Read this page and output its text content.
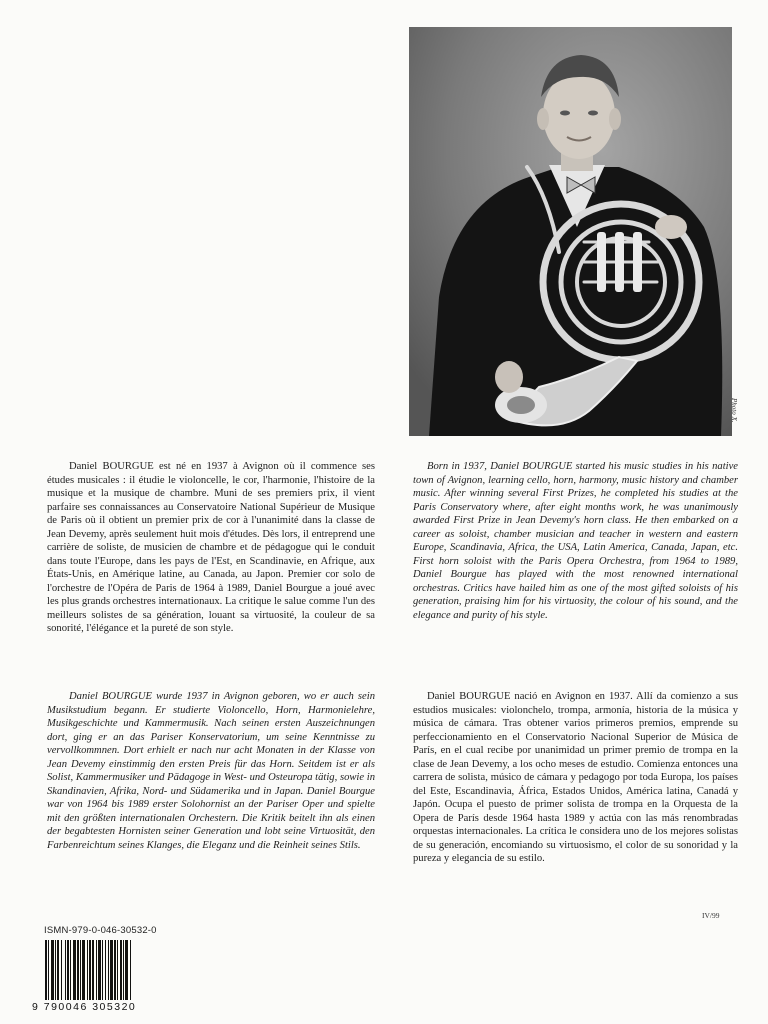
Photo X.

Daniel BOURGUE est né en 1937 à Avignon où il commence ses études musicales : il étudie le violoncelle, le cor, l'harmonie, l'histoire de la musique et la musique de chambre. Muni de ses premiers prix, il vient parfaire ses connaissances au Conservatoire National Supérieur de Musique de Paris où il obtient un premier prix de cor à l'unanimité dans la classe de Jean Devemy, après seulement huit mois d'études. Dès lors, il entreprend une carrière de soliste, de musicien de chambre et de pédagogue qui le conduit dans toute l'Europe, dans les pays de l'Est, en Scandinavie, en Afrique, aux États-Unis, en Amérique latine, au Canada, au Japon. Premier cor solo de l'orchestre de l'Opéra de Paris de 1964 à 1989, Daniel Bourgue a joué avec les plus grands orchestres internationaux. La critique le salue comme l'un des meilleurs solistes de sa génération, louant sa virtuosité, la couleur de sa sonorité, l'élégance et la pureté de son style.

Born in 1937, Daniel BOURGUE started his music studies in his native town of Avignon, learning cello, horn, harmony, music history and chamber music. After winning several First Prizes, he completed his studies at the Paris Conservatory where, after eight months work, he was unanimously awarded First Prize in Jean Devemy's horn class. He then embarked on a career as soloist, chamber musician and teacher in western and eastern Europe, Scandinavia, Africa, the USA, Latin America, Canada, Japan, etc. First horn soloist with the Paris Opera Orchestra, from 1964 to 1989, Daniel Bourgue has played with the most renowned international orchestras. Critics have hailed him as one of the most gifted soloists of his generation, praising him for his virtuosity, the colour of his sound, and the elegance and purity of his style.

Daniel BOURGUE wurde 1937 in Avignon geboren, wo er auch sein Musikstudium begann. Er studierte Violoncello, Horn, Harmonielehre, Musikgeschichte und Kammermusik. Nach seinen ersten Auszeichnungen dort, ging er an das Pariser Konservatorium, um seine Kenntnisse zu vervollkommnen. Dort erhielt er nach nur acht Monaten in der Klasse von Jean Devemy einstimmig den ersten Preis für das Horn. Seitdem ist er als Solist, Kammermusiker und Pädagoge in West- und Osteuropa tätig, sowie in Skandinavien, Afrika, Nord- und Südamerika und in Japan. Daniel Bourgue war von 1964 bis 1989 erster Solohornist an der Pariser Oper und spielte mit den größten internationalen Orchestern. Die Kritik beitelt ihn als einen der begabtesten Hornisten seiner Generation und lobt seine Virtuosität, den Farbenreichtum seines Klanges, die Eleganz und die Reinheit seines Stils.

Daniel BOURGUE nació en Avignon en 1937. Allí da comienzo a sus estudios musicales: violonchelo, trompa, armonía, historia de la música y música de cámara. Tras obtener varios primeros premios, emprende su perfeccionamiento en el Conservatorio Nacional Superior de Música de París, en el cual recibe por unanimidad un primer premio de trompa en la clase de Jean Devemy, a los ocho meses de estudio. Comienza entonces una carrera de solista, músico de cámara y pedagogo por toda Europa, los países del Este, Escandinavia, África, Estados Unidos, América latina, Canadá y Japón. Ocupa el puesto de primer solista de trompa en la Orquesta de la Opera de París desde 1964 hasta 1989 y actúa con las más renombradas orquestas internacionales. La crítica le considera uno de los mejores solistas de su generación, encomiando su virtuosismo, el color de su sonoridad y la pureza y elegancia de su estilo.

IV/99
ISMN-979-0-046-30532-0
9 790046 305320
